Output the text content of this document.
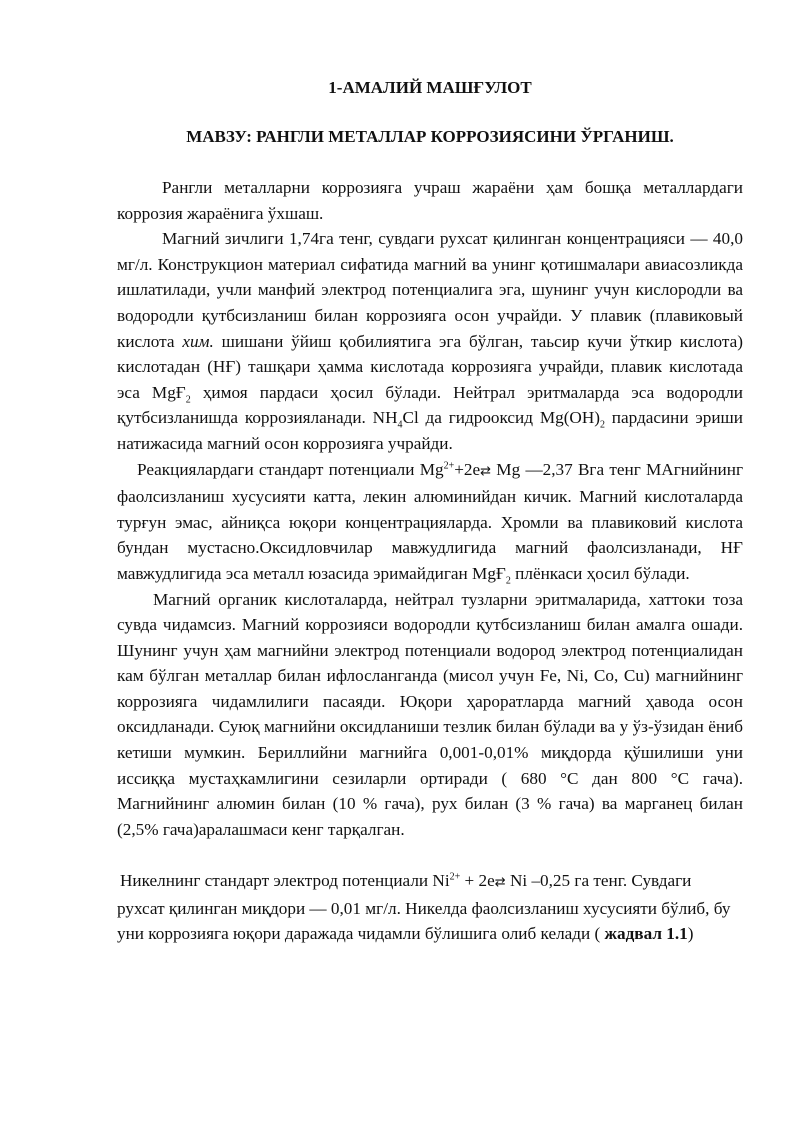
1-АМАЛИЙ МАШҒУЛОТ
МАВЗУ: РАНГЛИ МЕТАЛЛАР КОРРОЗИЯСИНИ ЎРГАНИШ.

Рангли металларни коррозияга учраш жараёни ҳам бошқа металлардаги коррозия жараёнига ўхшаш.

Магний зичлиги 1,74га тенг, сувдаги рухсат қилинган концентрацияси — 40,0 мг/л. Конструкцион материал сифатида магний ва унинг қотишмалари авиасозликда ишлатилади, учли манфий электрод потенциалига эга, шунинг учун кислородли ва водородли қутбсизланиш билан коррозияга осон учрайди. У плавик (плавиковый кислота хим. шишани ўйиш қобилиятига эга бўлган, таьсир кучи ўткир кислота) кислотадан (HҒ) ташқари ҳамма кислотада коррозияга учрайди, плавик кислотада эса MgҒ$_2$ ҳимоя пардаси ҳосил бўлади. Нейтрал эритмаларда эса водородли қутбсизланишда коррозияланади. $NH_4Cl$ да гидрооксид $Mg(OH)_2$ пардасини эриши натижасида магний осон коррозияга учрайди.

Реакциялардаги стандарт потенциали $Mg^{2+}+2e⇄$ Mg —2,37 Вга тенг МАгнийнинг фаолсизланиш хусусияти катта, лекин алюминийдан кичик. Магний кислоталарда турғун эмас, айниқса юқори концентрацияларда. Хромли ва плавиковий кислота бундан мустасно.Оксидловчилар мавжудлигида магний фаолсизланади, HҒ мавжудлигида эса металл юзасида эримайдиган MgҒ$_2$ плёнкаси ҳосил бўлади.

Магний органик кислоталарда, нейтрал тузларни эритмаларида, хаттоки тоза сувда чидамсиз. Магний коррозияси водородли қутбсизланиш билан амалга ошади. Шунинг учун ҳам магнийни электрод потенциали водород электрод потенциалидан кам бўлган металлар билан ифлосланганда (мисол учун Fe, Ni, Co, Cu) магнийнинг коррозияга чидамлилиги пасаяди. Юқори ҳароратларда магний ҳавода осон оксидланади. Суюқ магнийни оксидланиши тезлик билан бўлади ва у ўз-ўзидан ёниб кетиши мумкин. Бериллийни магнийга 0,001-0,01% миқдорда қўшилиши уни иссиққа мустаҳкамлигини сезиларли ортиради ( 680 °C дан 800 °C гача). Магнийнинг алюмин билан (10 % гача), рух билан (3 % гача) ва марганец билан (2,5% гача)аралашмаси кенг тарқалган.

Никелнинг стандарт электрод потенциали $Ni^{2+}$ + 2e⇄ Ni –0,25 га тенг. Сувдаги рухсат қилинган миқдори — 0,01 мг/л. Никелда фаолсизланиш хусусияти бўлиб, бу уни коррозияга юқори даражада чидамли бўлишига олиб келади ( жадвал 1.1)
